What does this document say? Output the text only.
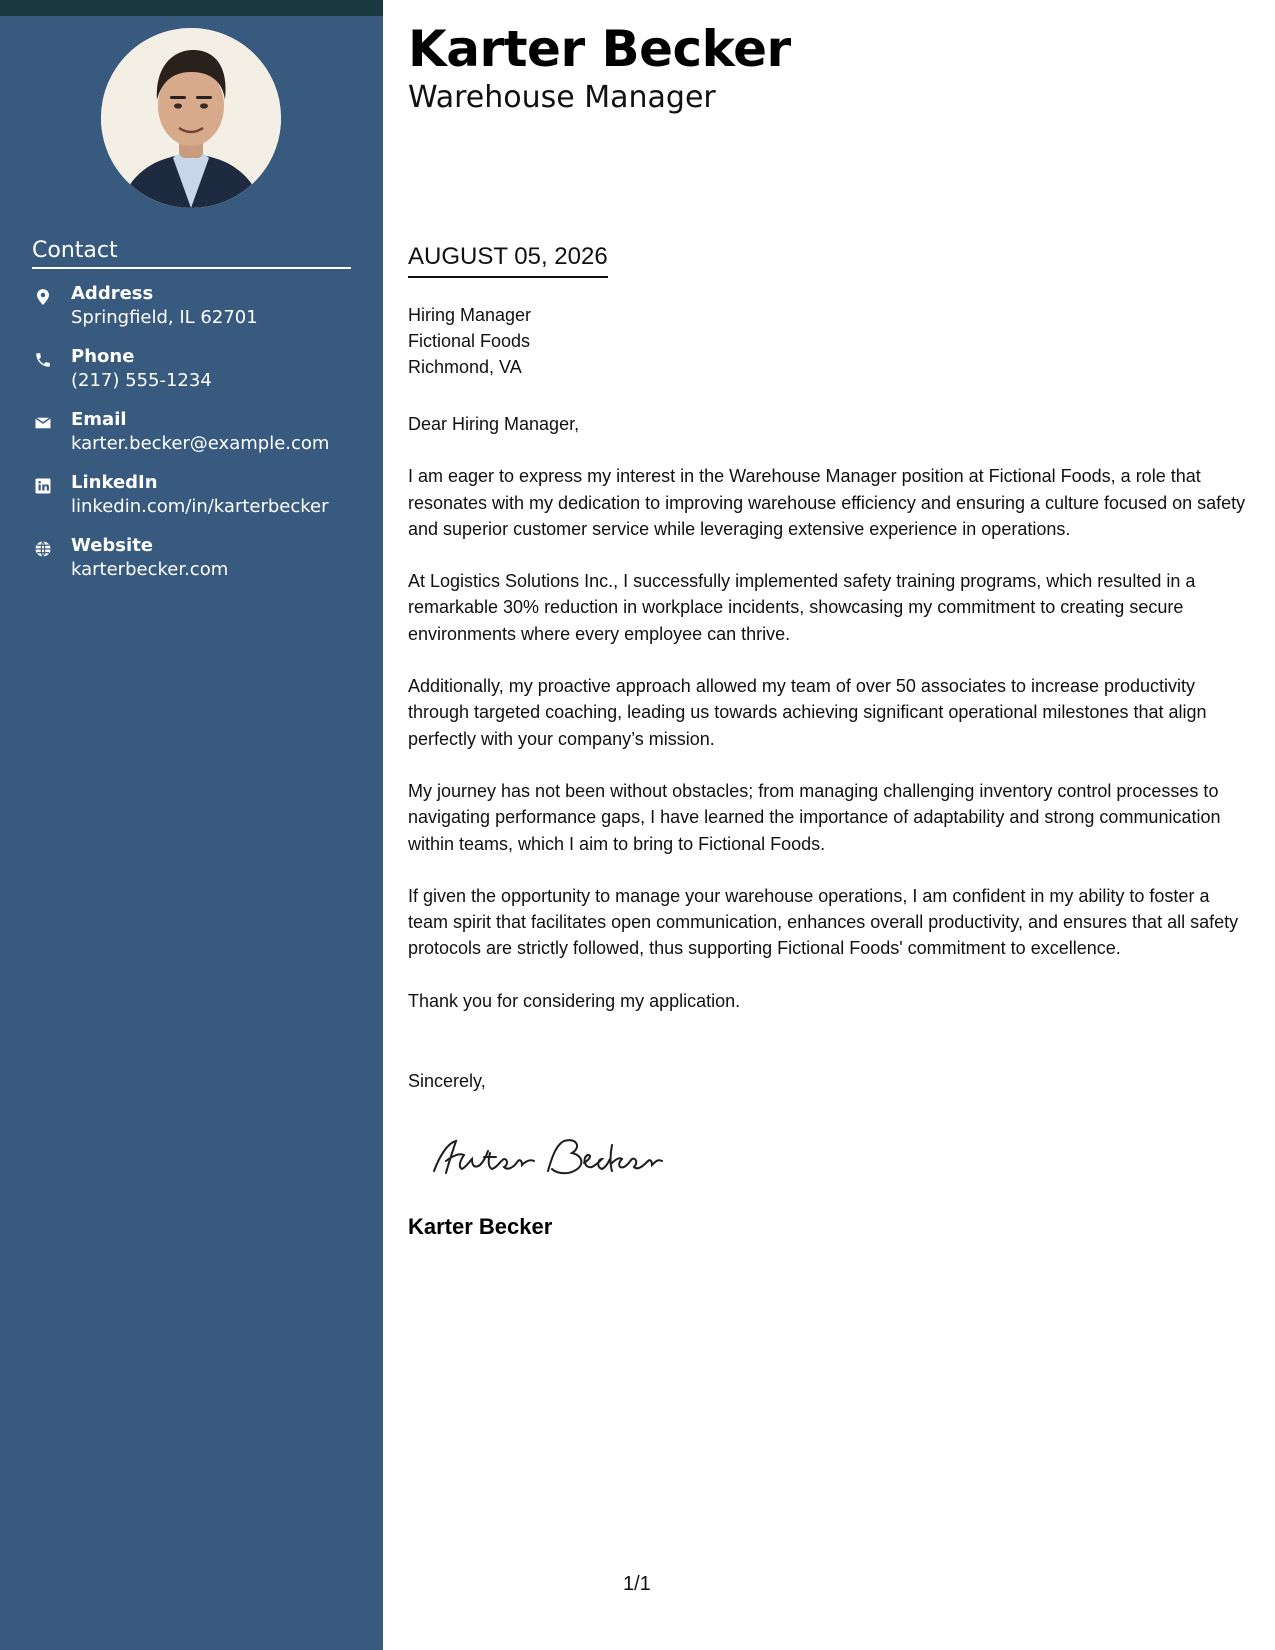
Contact
Address
Springfield, IL 62701
Phone
(217) 555-1234
Email
karter.becker@example.com
LinkedIn
linkedin.com/in/karterbecker
Website
karterbecker.com
Karter Becker
Warehouse Manager
AUGUST 05, 2026
Hiring Manager
Fictional Foods
Richmond, VA

Dear Hiring Manager,

I am eager to express my interest in the Warehouse Manager position at Fictional Foods, a role that resonates with my dedication to improving warehouse efficiency and ensuring a culture focused on safety and superior customer service while leveraging extensive experience in operations.

At Logistics Solutions Inc., I successfully implemented safety training programs, which resulted in a remarkable 30% reduction in workplace incidents, showcasing my commitment to creating secure environments where every employee can thrive.

Additionally, my proactive approach allowed my team of over 50 associates to increase productivity through targeted coaching, leading us towards achieving significant operational milestones that align perfectly with your company’s mission.

My journey has not been without obstacles; from managing challenging inventory control processes to navigating performance gaps, I have learned the importance of adaptability and strong communication within teams, which I aim to bring to Fictional Foods.

If given the opportunity to manage your warehouse operations, I am confident in my ability to foster a team spirit that facilitates open communication, enhances overall productivity, and ensures that all safety protocols are strictly followed, thus supporting Fictional Foods' commitment to excellence.

Thank you for considering my application.

Sincerely,
Karter Becker
1/1
